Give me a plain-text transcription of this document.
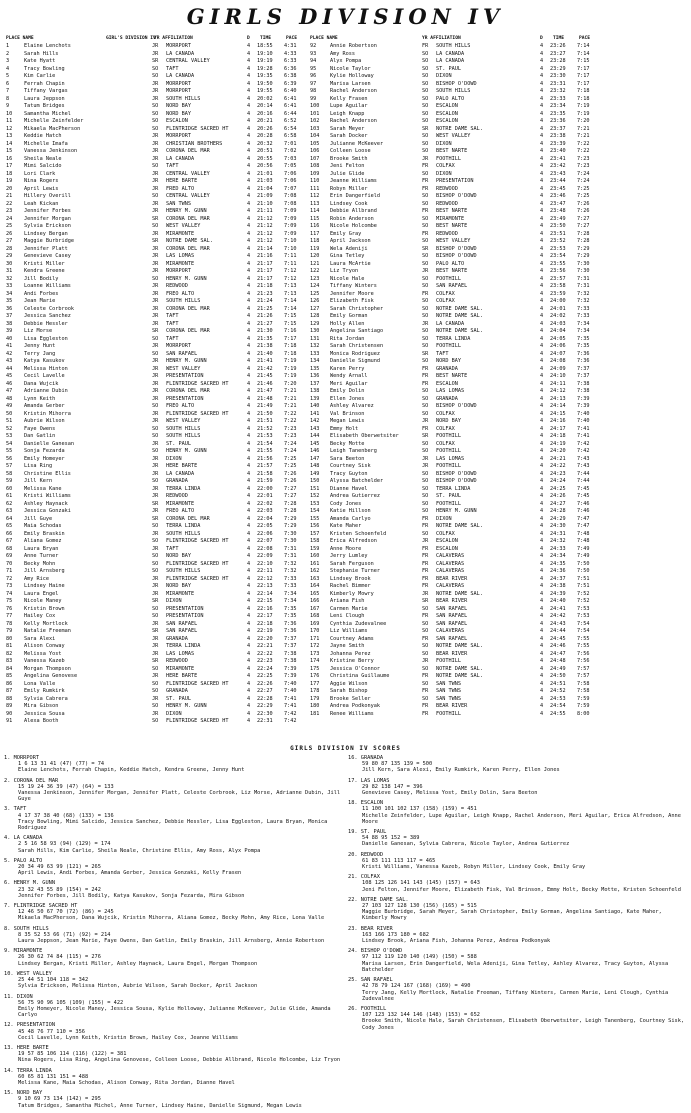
GIRLS DIVISION IV
PLACE NAME	GIRL'S DIVISION IV
YR AFFILIATION	D TIME	PACE	PLACE NAME	YR AFFILIATION	D TIME	PACE
1	Elaine Lenchots	JR	MORRPORT	4	18:55	4:31
2	Sarah Hills	JR	LA CANADA	4	19:10	4:33
3	Kate Hyatt	SR	CENTRAL VALLEY	4	19:19	6:33
4	Tracy Bowling	SO	TAFT	4	19:28	6:36
5	Kim Carlie	SO	LA CANADA	4	19:35	6:38
6	Ferrah Chapin	JR	MORRPORT	4	19:50	6:39
7	Tiffany Vargas	JR	MORRPORT	4	19:55	6:40
8	Laura Jeppson	JR	SOUTH HILLS	4	20:02	6:41
9	Tatum Bridges	SO	NORD BAY	4	20:14	6:41
10	Samantha Michel	SO	NORD BAY	4	20:16	6:44
11	Michelle Zeinfelder	SO	ESCALON	4	20:21	6:52
12	Mikaela MacPherson	SO	FLINTRIDGE SACRED HT	4	20:26	6:54
13	Keddie Hatch	JR	MORRPORT	4	20:28	6:58
14	Michelle Imafa	JR	CHRISTIAN BROTHERS	4	20:32	7:01
15	Vanessa Jenkinson	JR	CORONA DEL MAR	4	20:51	7:02
16	Sheila Neale	JR	LA CANADA	4	20:55	7:03
17	Mimi Salcido	SO	TAFT	4	20:56	7:05
18	Lori Clark	JR	CENTRAL VALLEY	4	21:01	7:06
19	Nina Rogers	JR	HERE BARTE	4	21:03	7:06
20	April Lewis	JR	FRED ALTO	4	21:04	7:07
21	Hillery Overill	SO	CENTRAL VALLEY	4	21:09	7:08
22	Leah Kickan	JR	SAN TWNS	4	21:10	7:08
23	Jennifer Forbes	JR	HENRY M. GUNN	4	21:11	7:09
24	Jennifer Morgan	SR	CORONA DEL MAR	4	21:12	7:09
25	Sylvia Erickson	SO	WEST VALLEY	4	21:12	7:09
26	Lindsey Bergan	JR	MIRAMONTE	4	21:12	7:09
27	Maggie Burbridge	SR	NOTRE DAME SAL.	4	21:12	7:10
28	Jennifer Platt	JR	CORONA DEL MAR	4	21:14	7:10
29	Genevieve Casey	JR	LAS LOMAS	4	21:16	7:11
30	Kristi Miller	JR	MIRAMONTE	4	21:17	7:11
31	Kendra Greene	JR	MORRPORT	4	21:17	7:12
32	Jill Bodily	SO	HENRY M. GUNN	4	21:17	7:12
33	Loanne Williams	JR	REDWOOD	4	21:18	7:13
34	Andi Forbes	JR	FREO ALTO	4	21:23	7:13
35	Jean Marie	JR	SOUTH HILLS	4	21:24	7:14
36	Celeste Corbrook	JR	CORONA DEL MAR	4	21:25	7:14
37	Jessica Sanchez	JR	TAFT	4	21:26	7:15
38	Debbie Hessler	JR	TAFT	4	21:27	7:15
39	Liz Morse	SR	CORONA DEL MAR	4	21:30	7:16
40	Lisa Eggleston	SO	TAFT	4	21:35	7:17
41	Jenny Hunt	JR	MORRPORT	4	21:38	7:18
42	Terry Jang	SO	SAN RAFAEL	4	21:40	7:18
43	Katya Kasukov	JR	HENRY M. GUNN	4	21:41	7:19
44	Melissa Hinton	JR	WEST VALLEY	4	21:42	7:19
45	Cecil Lavelle	JR	PRESENTATION	4	21:45	7:19
46	Dana Wujcik	JR	FLINTRIDGE SACRED HT	4	21:46	7:20
47	Adrianne Dubin	JR	CORONA DEL MAR	4	21:47	7:21
48	Lynn Keith	JR	PRESENTATION	4	21:48	7:21
49	Amanda Gerber	SO	FREO ALTO	4	21:49	7:21
50	Kristin Mihorra	JR	FLINTRIDGE SACRED HT	4	21:50	7:22
51	Aubrie Wilson	JR	WEST VALLEY	4	21:51	7:22
52	Faye Owens	SO	SOUTH HILLS	4	21:52	7:23
53	Dan Gatlin	SO	SOUTH HILLS	4	21:53	7:23
54	Danielle Ganesan	JR	ST. PAUL	4	21:54	7:24
55	Sonja Fezarda	SO	HENRY M. GUNN	4	21:55	7:24
56	Emily Homeyer	JR	DIXON	4	21:56	7:25
57	Lisa Ring	JR	HERE BARTE	4	21:57	7:25
58	Christine Ellis	JR	LA CANADA	4	21:58	7:26
59	Jill Kern	SO	GRANADA	4	21:59	7:26
60	Melissa Kane	JR	TERRA LINDA	4	22:00	7:27
61	Kristi Williams	JR	REDWOOD	4	22:01	7:27
62	Ashley Haynack	SR	MIRAMONTE	4	22:02	7:28
63	Jessica Gonzaki	JR	FREO ALTO	4	22:03	7:28
64	Jill Guye	SR	CORONA DEL MAR	4	22:04	7:29
65	Maia Schodas	SO	TERRA LINDA	4	22:05	7:29
66	Emily Braskin	JR	SOUTH HILLS	4	22:06	7:30
67	Aliana Gomez	SO	FLINTRIDGE SACRED HT	4	22:07	7:30
68	Laura Bryan	JR	TAFT	4	22:08	7:31
69	Anne Turner	SO	NORD BAY	4	22:09	7:31
70	Becky Mohn	SO	FLINTRIDGE SACRED HT	4	22:10	7:32
71	Jill Arnsberg	SO	SOUTH HILLS	4	22:11	7:32
72	Amy Rice	JR	FLINTRIDGE SACRED HT	4	22:12	7:33
73	Lindsey Haine	JR	NORD BAY	4	22:13	7:33
74	Laura Engel	JR	MIRAMONTE	4	22:14	7:34
75	Nicole Maney	SR	DIXON	4	22:15	7:34
76	Kristin Brown	SO	PRESENTATION	4	22:16	7:35
77	Hailey Cox	SO	PRESENTATION	4	22:17	7:35
78	Kelly Mortlock	JR	SAN RAFAEL	4	22:18	7:36
79	Natalie Freeman	SR	SAN RAFAEL	4	22:19	7:36
80	Sara Alexi	JR	GRANADA	4	22:20	7:37
81	Alison Conway	JR	TERRA LINDA	4	22:21	7:37
82	Melissa Yost	JR	LAS LOMAS	4	22:22	7:38
83	Vanessa Kazeb	SR	REDWOOD	4	22:23	7:38
84	Morgan Thompson	SO	MIRAMONTE	4	22:24	7:39
85	Angelina Genovese	JR	HERE BARTE	4	22:25	7:39
86	Lona Valle	SO	FLINTRIDGE SACRED HT	4	22:26	7:40
87	Emily Rumkirk	SO	GRANADA	4	22:27	7:40
88	Sylvia Cabrera	JR	ST. PAUL	4	22:28	7:41
89	Mira Gibson	SO	HENRY M. GUNN	4	22:29	7:41
90	Jessica Sousa	JR	DIXON	4	22:30	7:42
91	Alexa Booth	SO	FLINTRIDGE SACRED HT	4	22:31	7:42
92	Annie Robertson	FR	SOUTH HILLS	4	23:26	7:14
93	Amy Ross	SO	LA CANADA	4	23:27	7:14
94	Alyx Pompa	SO	LA CANADA	4	23:28	7:15
95	Nicole Taylor	SO	ST. PAUL	4	23:29	7:17
96	Kylie Holloway	SO	DIXON	4	23:30	7:17
97	Marisa Larsen	SO	BISHOP O'DOWD	4	23:31	7:17
98	Rachel Anderson	SO	SOUTH HILLS	4	23:32	7:18
99	Kelly Frasen	SO	PALO ALTO	4	23:33	7:18
100	Lupe Aguilar	SO	ESCALON	4	23:34	7:19
101	Leigh Knapp	SO	ESCALON	4	23:35	7:19
102	Rachel Anderson	SO	ESCALON	4	23:36	7:20
103	Sarah Meyer	SR	NOTRE DAME SAL.	4	23:37	7:21
104	Sarah Docker	SO	WEST VALLEY	4	23:38	7:21
105	Julianne McKeever	SO	DIXON	4	23:39	7:22
106	Colleen Loose	SO	BEST NARTE	4	23:40	7:22
107	Brooke Smith	JR	FOOTHILL	4	23:41	7:23
108	Jeni Felton	FR	COLFAX	4	23:42	7:23
109	Julie Glide	SO	DIXON	4	23:43	7:24
110	Jeanne Williams	FR	PRESENTATION	4	23:44	7:24
111	Robyn Miller	FR	REDWOOD	4	23:45	7:25
112	Erin Dangerfield	SO	BISHOP O'DOWD	4	23:46	7:25
113	Lindsey Cook	SO	REDWOOD	4	23:47	7:26
114	Debbie Allbrand	FR	BEST NARTE	4	23:48	7:26
115	Robin Anderson	SO	MIRAMONTE	4	23:49	7:27
116	Nicole Holcombe	SO	BEST NARTE	4	23:50	7:27
117	Emily Gray	FR	REDWOOD	4	23:51	7:28
118	April Jackson	SO	WEST VALLEY	4	23:52	7:28
119	Wela Adeniji	SR	BISHOP O'DOWD	4	23:53	7:29
120	Gina Tetley	SO	BISHOP O'DOWD	4	23:54	7:29
121	Laura McArtie	SO	PALO ALTO	4	23:55	7:30
122	Liz Tryon	JR	BEST NARTE	4	23:56	7:30
123	Nicole Hale	SO	FOOTHILL	4	23:57	7:31
124	Tiffany Winters	SO	SAN RAFAEL	4	23:58	7:31
125	Jennifer Moore	FR	COLFAX	4	23:59	7:32
126	Elizabeth Fisk	SO	COLFAX	4	24:00	7:32
127	Sarah Christopher	SO	NOTRE DAME SAL.	4	24:01	7:33
128	Emily Gorman	SO	NOTRE DAME SAL.	4	24:02	7:33
129	Holly Allen	JR	LA CANADA	4	24:03	7:34
130	Angelina Santiago	SO	NOTRE DAME SAL.	4	24:04	7:34
131	Rita Jordan	SO	TERRA LINDA	4	24:05	7:35
132	Sarah Christensen	SO	FOOTHILL	4	24:06	7:35
133	Monica Rodriguez	SR	TAFT	4	24:07	7:36
134	Danielle Sigmund	SO	NORD BAY	4	24:08	7:36
135	Karen Perry	FR	GRANADA	4	24:09	7:37
136	Wendy Arnall	FR	BEST NARTE	4	24:10	7:37
137	Meri Aguilar	FR	ESCALON	4	24:11	7:38
138	Emily Dolin	SO	LAS LOMAS	4	24:12	7:38
139	Ellen Jones	SO	GRANADA	4	24:13	7:39
140	Ashley Alvarez	SO	BISHOP O'DOWD	4	24:14	7:39
141	Val Brinson	SO	COLFAX	4	24:15	7:40
142	Megan Lewis	JR	NORD BAY	4	24:16	7:40
143	Emmy Holt	FR	COLFAX	4	24:17	7:41
144	Elisabeth Oberwetsiter	SR	FOOTHILL	4	24:18	7:41
145	Becky Motte	SO	COLFAX	4	24:19	7:42
146	Leigh Tanenberg	SO	FOOTHILL	4	24:20	7:42
147	Sara Beeton	JR	LAS LOMAS	4	24:21	7:43
148	Courtney Sisk	JR	FOOTHILL	4	24:22	7:43
149	Tracy Guyton	SO	BISHOP O'DOWD	4	24:23	7:44
150	Alyssa Batchelder	SO	BISHOP O'DOWD	4	24:24	7:44
151	Dianne Havel	SO	TERRA LINDA	4	24:25	7:45
152	Andrea Gutierrez	SO	ST. PAUL	4	24:26	7:45
153	Cody Jones	SO	FOOTHILL	4	24:27	7:46
154	Katie Hillson	SO	HENRY M. GUNN	4	24:28	7:46
155	Amanda Carlyo	FR	DIXON	4	24:29	7:47
156	Kate Maher	FR	NOTRE DAME SAL.	4	24:30	7:47
157	Kristen Schoenfeld	SO	COLFAX	4	24:31	7:48
158	Erica Alfredson	JR	ESCALON	4	24:32	7:48
159	Anne Moore	FR	ESCALON	4	24:33	7:49
160	Jerry Lumley	FR	CALAVERAS	4	24:34	7:49
161	Sarah Ferguson	FR	CALAVERAS	4	24:35	7:50
162	Stephanie Turner	FR	CALAVERAS	4	24:36	7:50
163	Lindsey Brook	FR	BEAR RIVER	4	24:37	7:51
164	Rachel Bimmer	FR	CALAVERAS	4	24:38	7:51
165	Kimberly Mowry	JR	NOTRE DAME SAL.	4	24:39	7:52
166	Ariana Fish	SR	BEAR RIVER	4	24:40	7:52
167	Carmen Marie	SO	SAN RAFAEL	4	24:41	7:53
168	Leni Clough	FR	SAN RAFAEL	4	24:42	7:53
169	Cynthia Zudevalnee	SO	SAN RAFAEL	4	24:43	7:54
170	Liz Williams	SO	CALAVERAS	4	24:44	7:54
171	Courtney Adams	FR	SAN RAFAEL	4	24:45	7:55
172	Jayne Smith	SO	NOTRE DAME SAL.	4	24:46	7:55
173	Johanna Perez	SO	BEAR RIVER	4	24:47	7:56
174	Kristine Berry	JR	FOOTHILL	4	24:48	7:56
175	Jessica O'Connor	SO	NOTRE DAME SAL.	4	24:49	7:57
176	Christina Guillaume	FR	NOTRE DAME SAL.	4	24:50	7:57
177	Aggie Wilson	SO	SAN TWNS	4	24:51	7:58
178	Sarah Bishop	FR	SAN TWNS	4	24:52	7:58
179	Brooke Seller	SO	SAN TWNS	4	24:53	7:59
180	Andrea Podkonyak	FR	BEAR RIVER	4	24:54	7:59
181	Renee Williams	FR	FOOTHILL	4	24:55	8:00
GIRLS DIVISION IV SCORES
1. MORRPORT
1 6 13 31 41 (47) (77) = 74
Elaine Lenchots, Ferrah Chapin, Keddie Hatch, Kendra Greene, Jenny Hunt
2. CORONA DEL MAR
15 19 24 36 39 (47) (64) = 133
Vanessa Jenkinson, Jennifer Morgan, Jennifer Platt, Celeste Corbrook, Liz Morse, Adrianne Dubin, Jill Guye
3. TAFT
4 17 37 38 40 (68) (133) = 136
Tracy Bowling, Mimi Salcido, Jessica Sanchez, Debbie Hessler, Lisa Eggleston, Laura Bryan, Monica Rodriguez
4. LA CANADA
2 5 16 58 93 (94) (129) = 174
Sarah Hills, Kim Carlie, Sheila Neale, Christine Ellis, Amy Ross, Alyx Pompa
5. PALO ALTO
20 34 49 63 99 (121) = 265
April Lewis, Andi Forbes, Amanda Gerber, Jessica Gonzaki, Kelly Frasen
6. HENRY M. GUNN
23 32 43 55 89 (154) = 242
Jennifer Forbes, Jill Bodily, Katya Kasukov, Sonja Fezarda, Mira Gibson
7. FLINTRIDGE SACRED HT
12 46 50 67 70 (72) (86) = 245
Mikaela MacPherson, Dana Wujcik, Kristin Mihorra, Aliana Gomez, Becky Mohn, Amy Rice, Lona Valle
8. SOUTH HILLS
8 35 52 53 66 (71) (92) = 214
Laura Jeppson, Jean Marie, Faye Owens, Dan Gatlin, Emily Braskin, Jill Arnsberg, Annie Robertson
9. MIRAMONTE
26 30 62 74 84 (115) = 276
Lindsey Bergan, Kristi Miller, Ashley Haynack, Laura Engel, Morgan Thompson
10. WEST VALLEY
25 44 51 104 118 = 342
Sylvia Erickson, Melissa Hinton, Aubrie Wilson, Sarah Docker, April Jackson
11. DIXON
56 75 90 96 105 (109) (155) = 422
Emily Homeyer, Nicole Maney, Jessica Sousa, Kylie Holloway, Julianne McKeever, Julie Glide, Amanda Carlyo
12. PRESENTATION
45 48 76 77 110 = 356
Cecil Lavelle, Lynn Keith, Kristin Brown, Hailey Cox, Jeanne Williams
13. HERE BARTE
19 57 85 106 114 (116) (122) = 381
Nina Rogers, Lisa Ring, Angelina Genovese, Colleen Loose, Debbie Allbrand, Nicole Holcombe, Liz Tryon
14. TERRA LINDA
60 65 81 131 151 = 488
Melissa Kane, Maia Schodas, Alison Conway, Rita Jordan, Dianne Havel
15. NORD BAY
9 10 69 73 134 (142) = 295
Tatum Bridges, Samantha Michel, Anne Turner, Lindsey Haine, Danielle Sigmund, Megan Lewis
16. GRANADA
59 80 87 135 139 = 500
Jill Kern, Sara Alexi, Emily Rumkirk, Karen Perry, Ellen Jones
17. LAS LOMAS
29 82 138 147 = 396
Genevieve Casey, Melissa Yost, Emily Dolin, Sara Beeton
18. ESCALON
11 100 101 102 137 (158) (159) = 451
Michelle Zeinfelder, Lupe Aguilar, Leigh Knapp, Rachel Anderson, Meri Aguilar, Erica Alfredson, Anne Moore
19. ST. PAUL
54 88 95 152 = 389
Danielle Ganesan, Sylvia Cabrera, Nicole Taylor, Andrea Gutierrez
20. REDWOOD
61 83 111 113 117 = 465
Kristi Williams, Vanessa Kazeb, Robyn Miller, Lindsey Cook, Emily Gray
21. COLFAX
108 125 126 141 143 (145) (157) = 643
Jeni Felton, Jennifer Moore, Elizabeth Fisk, Val Brinson, Emmy Holt, Becky Motte, Kristen Schoenfeld
22. NOTRE DAME SAL.
27 103 127 128 130 (156) (165) = 515
Maggie Burbridge, Sarah Meyer, Sarah Christopher, Emily Gorman, Angelina Santiago, Kate Maher, Kimberly Mowry
23. BEAR RIVER
163 166 173 180 = 682
Lindsey Brook, Ariana Fish, Johanna Perez, Andrea Podkonyak
24. BISHOP O'DOWD
97 112 119 120 140 (149) (150) = 588
Marisa Larsen, Erin Dangerfield, Wela Adeniji, Gina Tetley, Ashley Alvarez, Tracy Guyton, Alyssa Batchelder
25. SAN RAFAEL
42 78 79 124 167 (168) (169) = 490
Terry Jang, Kelly Mortlock, Natalie Freeman, Tiffany Winters, Carmen Marie, Leni Clough, Cynthia Zudevalnee
26. FOOTHILL
107 123 132 144 146 (148) (153) = 652
Brooke Smith, Nicole Hale, Sarah Christensen, Elisabeth Oberwetsiter, Leigh Tanenberg, Courtney Sisk, Cody Jones
